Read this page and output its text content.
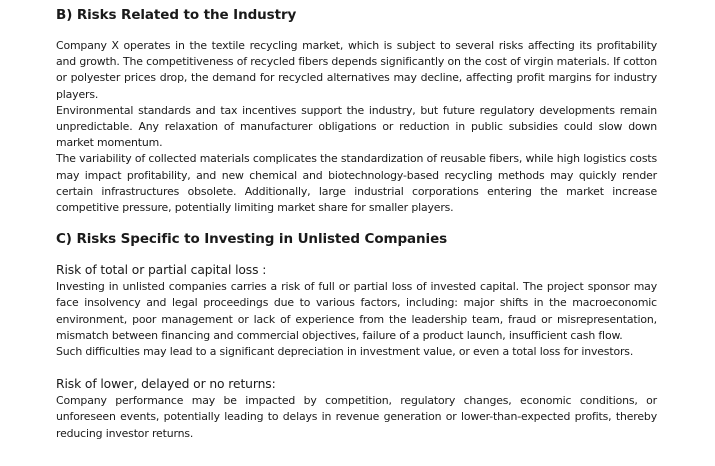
B) Risks Related to the Industry

Company X operates in the textile recycling market, which is subject to several risks affecting its profitability and growth. The competitiveness of recycled fibers depends significantly on the cost of virgin materials. If cotton or polyester prices drop, the demand for recycled alternatives may decline, affecting profit margins for industry players.

Environmental standards and tax incentives support the industry, but future regulatory developments remain unpredictable. Any relaxation of manufacturer obligations or reduction in public subsidies could slow down market momentum.

The variability of collected materials complicates the standardization of reusable fibers, while high logistics costs may impact profitability, and new chemical and biotechnology-based recycling methods may quickly render certain infrastructures obsolete. Additionally, large industrial corporations entering the market increase competitive pressure, potentially limiting market share for smaller players.

C) Risks Specific to Investing in Unlisted Companies
Risk of total or partial capital loss :

Investing in unlisted companies carries a risk of full or partial loss of invested capital. The project sponsor may face insolvency and legal proceedings due to various factors, including: major shifts in the macroeconomic environment, poor management or lack of experience from the leadership team, fraud or misrepresentation, mismatch between financing and commercial objectives, failure of a product launch, insufficient cash flow.

Such difficulties may lead to a significant depreciation in investment value, or even a total loss for investors.

Risk of lower, delayed or no returns:

Company performance may be impacted by competition, regulatory changes, economic conditions, or unforeseen events, potentially leading to delays in revenue generation or lower-than-expected profits, thereby reducing investor returns.
